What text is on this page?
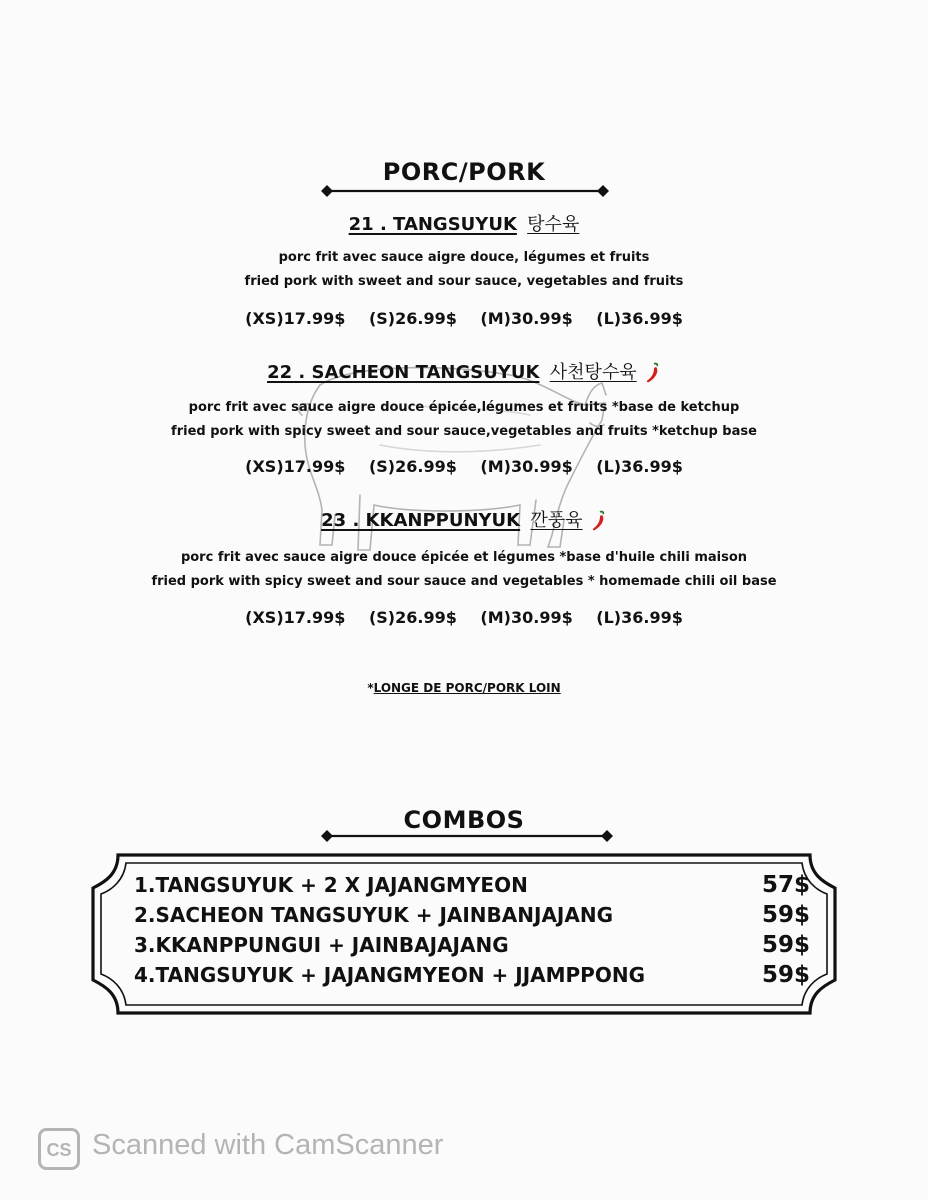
PORC/PORK
21 . TANGSUYUK 탕수육
porc frit avec sauce aigre douce, légumes et fruits
fried pork with sweet and sour sauce, vegetables and fruits
(XS)17.99$ (S)26.99$ (M)30.99$ (L)36.99$
22 . SACHEON TANGSUYUK 사천탕수육
porc frit avec sauce aigre douce épicée,légumes et fruits *base de ketchup
fried pork with spicy sweet and sour sauce,vegetables and fruits *ketchup base
(XS)17.99$ (S)26.99$ (M)30.99$ (L)36.99$
23 . KKANPPUNYUK 깐풍육
porc frit avec sauce aigre douce épicée et légumes *base d'huile chili maison
fried pork with spicy sweet and sour sauce and vegetables * homemade chili oil base
(XS)17.99$ (S)26.99$ (M)30.99$ (L)36.99$
*LONGE DE PORC/PORK LOIN
COMBOS
1.TANGSUYUK + 2 X JAJANGMYEON	57$
2.SACHEON TANGSUYUK + JAINBANJAJANG	59$
3.KKANPPUNGUI + JAINBAJAJANG	59$
4.TANGSUYUK + JAJANGMYEON + JJAMPPONG	59$
CS Scanned with CamScanner
